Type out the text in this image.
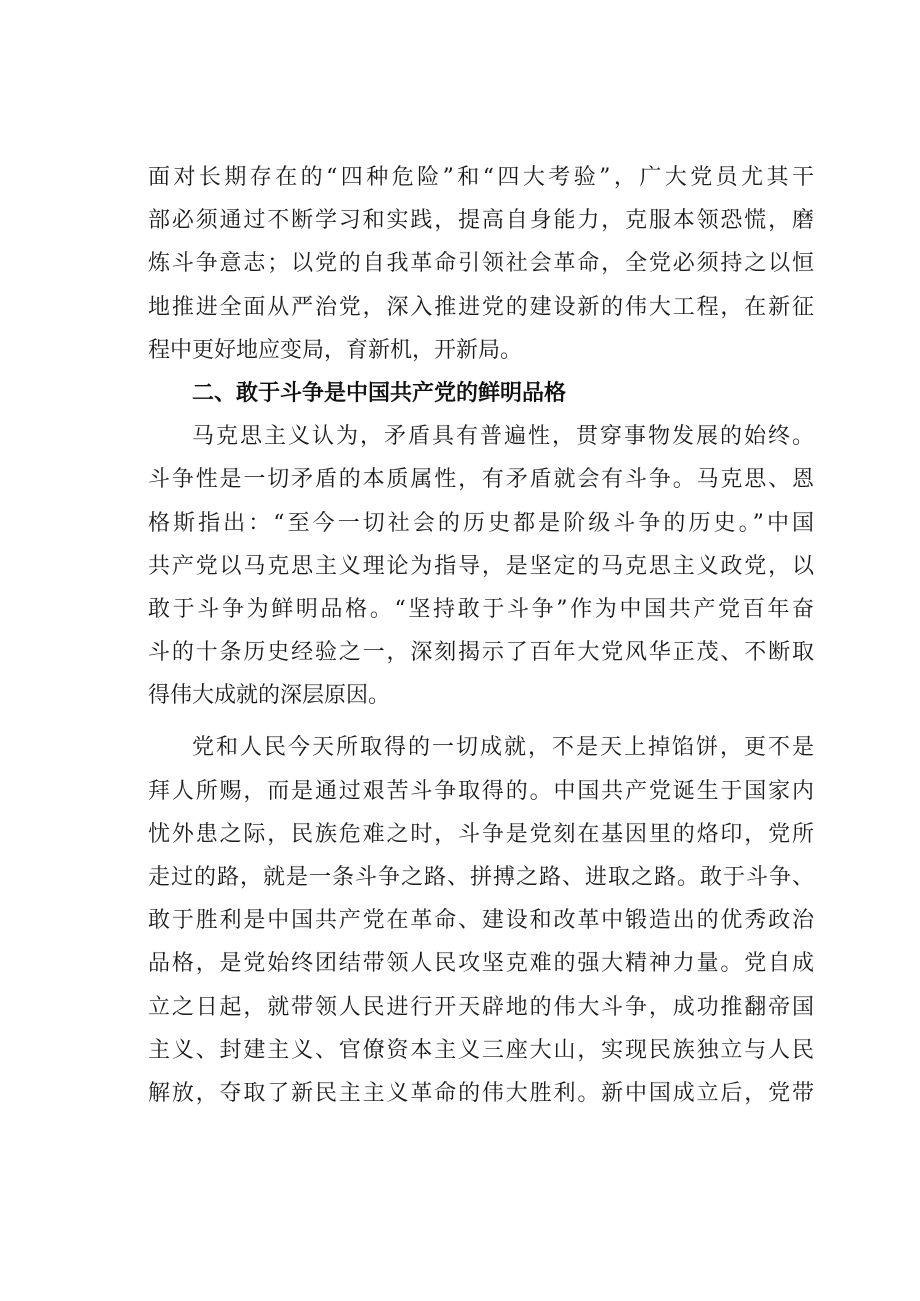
面对长期存在的“四种危险”和“四大考验”，广大党员尤其干
部必须通过不断学习和实践，提高自身能力，克服本领恐慌，磨
炼斗争意志；以党的自我革命引领社会革命，全党必须持之以恒
地推进全面从严治党，深入推进党的建设新的伟大工程，在新征
程中更好地应变局，育新机，开新局。
二、敢于斗争是中国共产党的鲜明品格
马克思主义认为，矛盾具有普遍性，贯穿事物发展的始终。
斗争性是一切矛盾的本质属性，有矛盾就会有斗争。马克思、恩
格斯指出：“至今一切社会的历史都是阶级斗争的历史。”中国
共产党以马克思主义理论为指导，是坚定的马克思主义政党，以
敢于斗争为鲜明品格。“坚持敢于斗争”作为中国共产党百年奋
斗的十条历史经验之一，深刻揭示了百年大党风华正茂、不断取
得伟大成就的深层原因。
党和人民今天所取得的一切成就，不是天上掉馅饼，更不是
拜人所赐，而是通过艰苦斗争取得的。中国共产党诞生于国家内
忧外患之际，民族危难之时，斗争是党刻在基因里的烙印，党所
走过的路，就是一条斗争之路、拼搏之路、进取之路。敢于斗争、
敢于胜利是中国共产党在革命、建设和改革中锻造出的优秀政治
品格，是党始终团结带领人民攻坚克难的强大精神力量。党自成
立之日起，就带领人民进行开天辟地的伟大斗争，成功推翻帝国
主义、封建主义、官僚资本主义三座大山，实现民族独立与人民
解放，夺取了新民主主义革命的伟大胜利。新中国成立后，党带
